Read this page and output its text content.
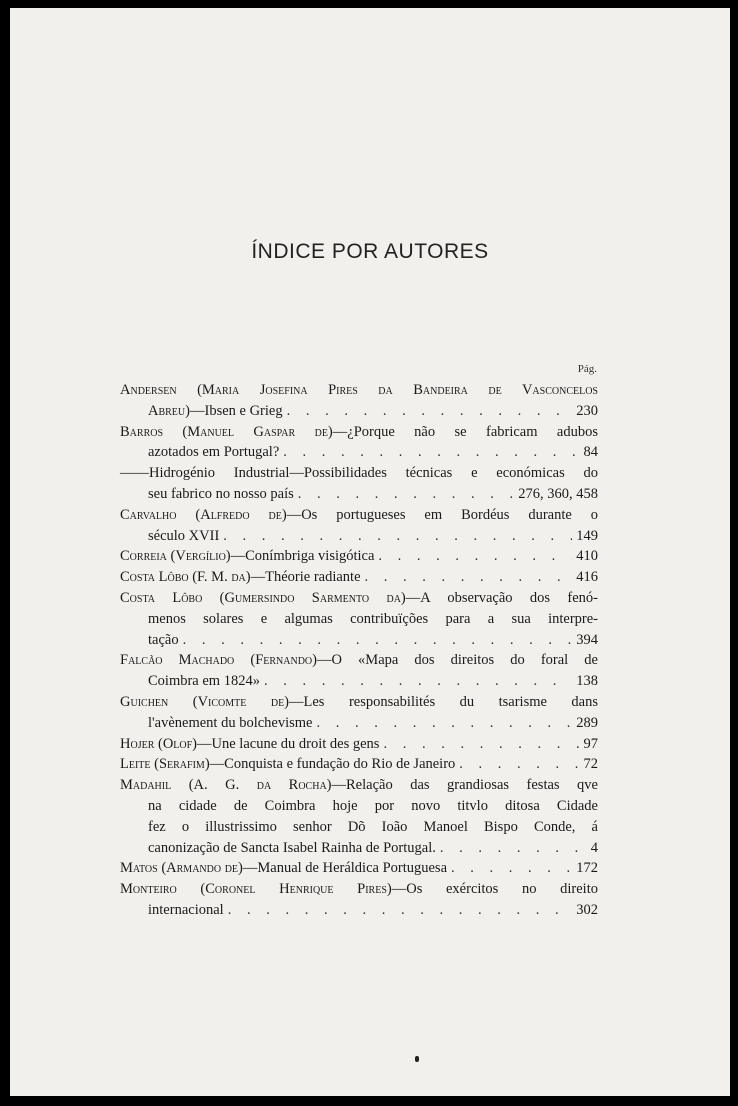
ÍNDICE POR AUTORES
Pág.
Andersen (Maria Josefina Pires da Bandeira de Vasconcelos
Abreu)—Ibsen e Grieg . . .	230
Barros (Manuel Gaspar de)—¿Porque não se fabricam adubos
azotados em Portugal? . . .	84
——Hidrogénio Industrial—Possibilidades técnicas e económicas do
seu fabrico no nosso país . . .	276, 360, 458
Carvalho (Alfredo de)—Os portugueses em Bordéus durante o
século XVII . . .	149
Correia (Vergílio)—Conímbriga visigótica . . .	410
Costa Lôbo (F. M. da)—Théorie radiante . . .	416
Costa Lôbo (Gumersindo Sarmento da)—A observação dos fenó-
menos solares e algumas contribuïções para a sua interpre-
tação . . .	394
Falcão Machado (Fernando)—O «Mapa dos direitos do foral de
Coimbra em 1824» . . .	138
Guichen (Vicomte de)—Les responsabilités du tsarisme dans
l'avènement du bolchevisme . . .	289
Hojer (Olof)—Une lacune du droit des gens . . .	97
Leite (Serafim)—Conquista e fundação do Rio de Janeiro . . .	72
Madahil (A. G. da Rocha)—Relação das grandiosas festas qve
na cidade de Coimbra hoje por novo titvlo ditosa Cidade
fez o illustrissimo senhor Dõ Ioão Manoel Bispo Conde, á
canonização de Sancta Isabel Rainha de Portugal. . . .	4
Matos (Armando de)—Manual de Heráldica Portuguesa . . .	172
Monteiro (Coronel Henrique Pires)—Os exércitos no direito
internacional . . .	302
